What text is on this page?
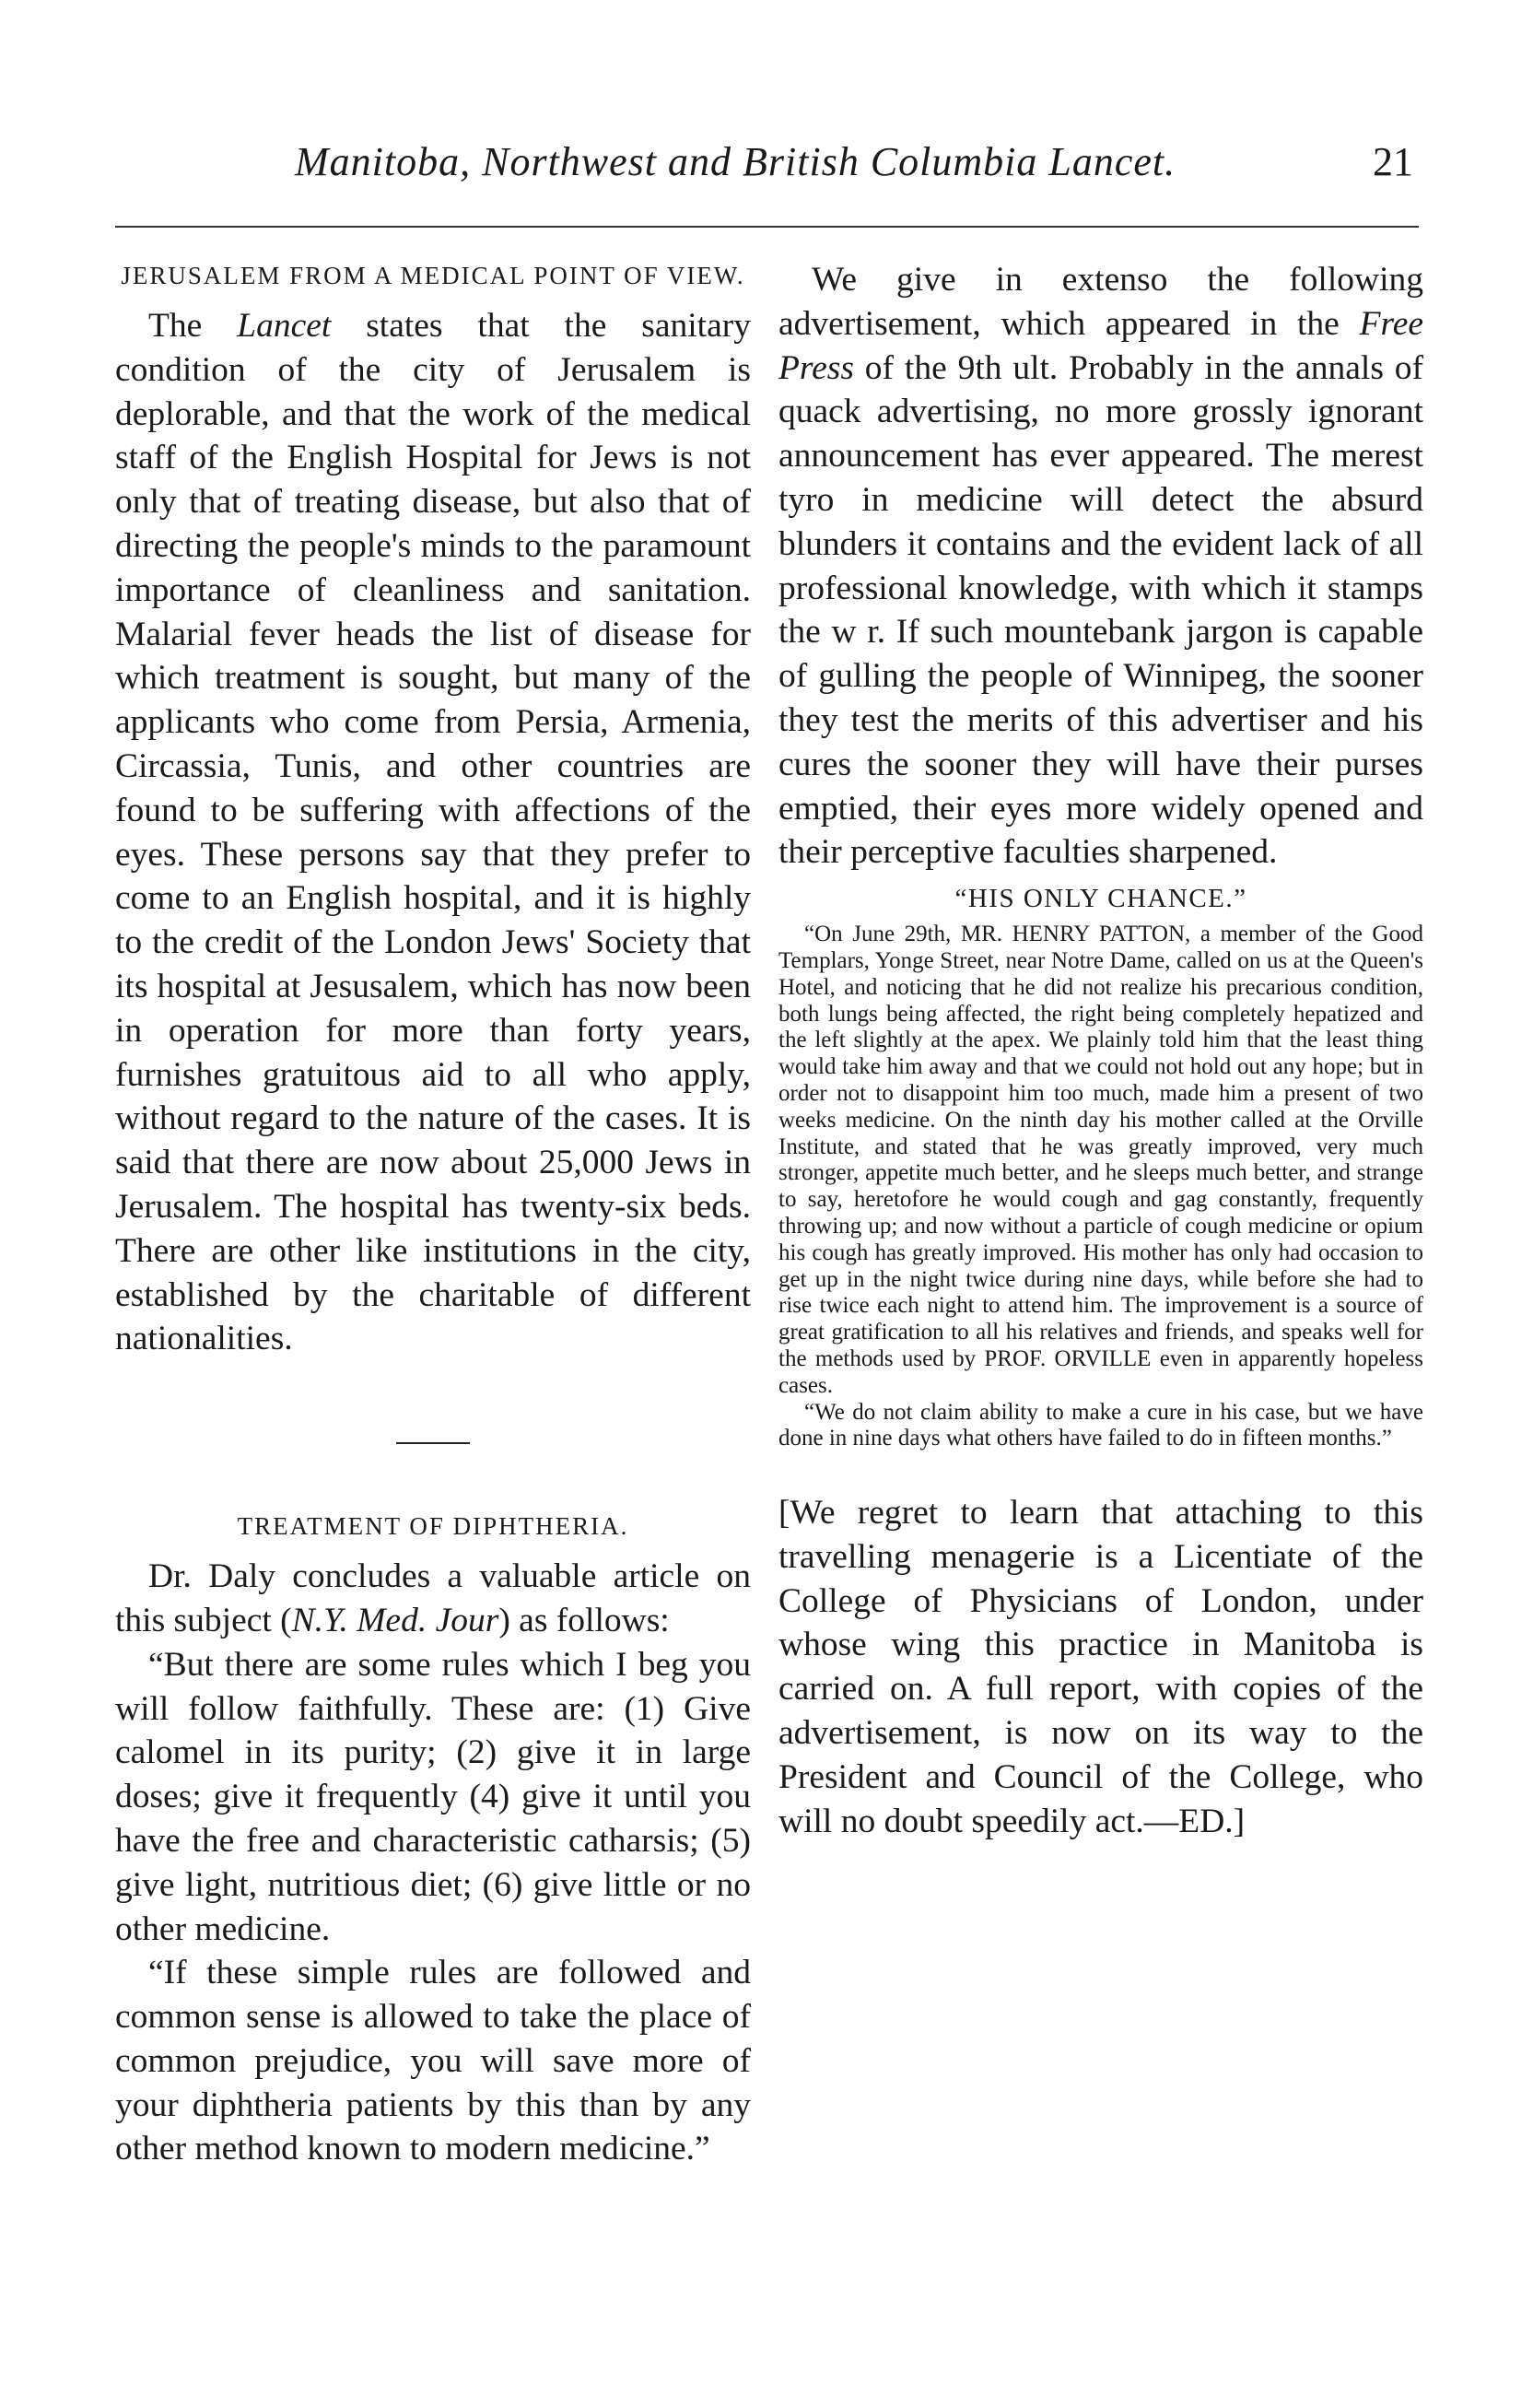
Manitoba, Northwest and British Columbia Lancet.	21
JERUSALEM FROM A MEDICAL POINT OF VIEW.

The Lancet states that the sanitary condition of the city of Jerusalem is deplorable, and that the work of the medical staff of the English Hospital for Jews is not only that of treating disease, but also that of directing the people's minds to the paramount importance of cleanliness and sanitation. Malarial fever heads the list of disease for which treatment is sought, but many of the applicants who come from Persia, Armenia, Circassia, Tunis, and other countries are found to be suffering with affections of the eyes. These persons say that they prefer to come to an English hospital, and it is highly to the credit of the London Jews' Society that its hospital at Jesusalem, which has now been in operation for more than forty years, furnishes gratuitous aid to all who apply, without regard to the nature of the cases. It is said that there are now about 25,000 Jews in Jerusalem. The hospital has twenty-six beds. There are other like institutions in the city, established by the charitable of different nationalities.

TREATMENT OF DIPHTHERIA.

Dr. Daly concludes a valuable article on this subject (N.Y. Med. Jour) as follows:

“But there are some rules which I beg you will follow faithfully. These are: (1) Give calomel in its purity; (2) give it in large doses; give it frequently (4) give it until you have the free and characteristic catharsis; (5) give light, nutritious diet; (6) give little or no other medicine.

“If these simple rules are followed and common sense is allowed to take the place of common prejudice, you will save more of your diphtheria patients by this than by any other method known to modern medicine.”

We give in extenso the following advertisement, which appeared in the Free Press of the 9th ult. Probably in the annals of quack advertising, no more grossly ignorant announcement has ever appeared. The merest tyro in medicine will detect the absurd blunders it contains and the evident lack of all professional knowledge, with which it stamps the w r. If such mountebank jargon is capable of gulling the people of Winnipeg, the sooner they test the merits of this advertiser and his cures the sooner they will have their purses emptied, their eyes more widely opened and their perceptive faculties sharpened.

“HIS ONLY CHANCE.”

“On June 29th, MR. HENRY PATTON, a member of the Good Templars, Yonge Street, near Notre Dame, called on us at the Queen's Hotel, and noticing that he did not realize his precarious condition, both lungs being affected, the right being completely hepatized and the left slightly at the apex. We plainly told him that the least thing would take him away and that we could not hold out any hope; but in order not to disappoint him too much, made him a present of two weeks medicine. On the ninth day his mother called at the Orville Institute, and stated that he was greatly improved, very much stronger, appetite much better, and he sleeps much better, and strange to say, heretofore he would cough and gag constantly, frequently throwing up; and now without a particle of cough medicine or opium his cough has greatly improved. His mother has only had occasion to get up in the night twice during nine days, while before she had to rise twice each night to attend him. The improvement is a source of great gratification to all his relatives and friends, and speaks well for the methods used by PROF. ORVILLE even in apparently hopeless cases.

“We do not claim ability to make a cure in his case, but we have done in nine days what others have failed to do in fifteen months.”

[We regret to learn that attaching to this travelling menagerie is a Licentiate of the College of Physicians of London, under whose wing this practice in Manitoba is carried on. A full report, with copies of the advertisement, is now on its way to the President and Council of the College, who will no doubt speedily act.—ED.]
